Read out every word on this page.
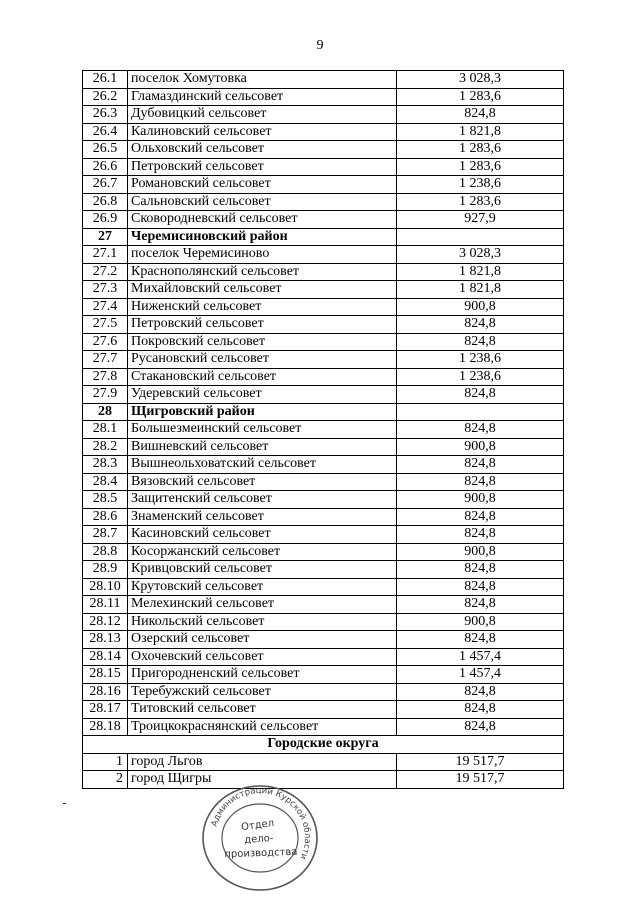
9
26.1	поселок Хомутовка	3 028,3
26.2	Гламаздинский сельсовет	1 283,6
26.3	Дубовицкий сельсовет	824,8
26.4	Калиновский сельсовет	1 821,8
26.5	Ольховский сельсовет	1 283,6
26.6	Петровский сельсовет	1 283,6
26.7	Романовский сельсовет	1 238,6
26.8	Сальновский сельсовет	1 283,6
26.9	Сковородневский сельсовет	927,9
27	Черемисиновский район	
27.1	поселок Черемисиново	3 028,3
27.2	Краснополянский сельсовет	1 821,8
27.3	Михайловский сельсовет	1 821,8
27.4	Ниженский сельсовет	900,8
27.5	Петровский сельсовет	824,8
27.6	Покровский сельсовет	824,8
27.7	Русановский сельсовет	1 238,6
27.8	Стакановский сельсовет	1 238,6
27.9	Удеревский сельсовет	824,8
28	Щигровский район	
28.1	Большезмеинский сельсовет	824,8
28.2	Вишневский сельсовет	900,8
28.3	Вышнеольховатский сельсовет	824,8
28.4	Вязовский сельсовет	824,8
28.5	Защитенский сельсовет	900,8
28.6	Знаменский сельсовет	824,8
28.7	Касиновский сельсовет	824,8
28.8	Косоржанский сельсовет	900,8
28.9	Кривцовский сельсовет	824,8
28.10	Крутовский сельсовет	824,8
28.11	Мелехинский сельсовет	824,8
28.12	Никольский сельсовет	900,8
28.13	Озерский сельсовет	824,8
28.14	Охочевский сельсовет	1 457,4
28.15	Пригородненский сельсовет	1 457,4
28.16	Теребужский сельсовет	824,8
28.17	Титовский сельсовет	824,8
28.18	Троицкокраснянский сельсовет	824,8
Городские округа		
1	город Льгов	19 517,7
2	город Щигры	19 517,7
Администрации Курской области
Отдел
дело-
производства
